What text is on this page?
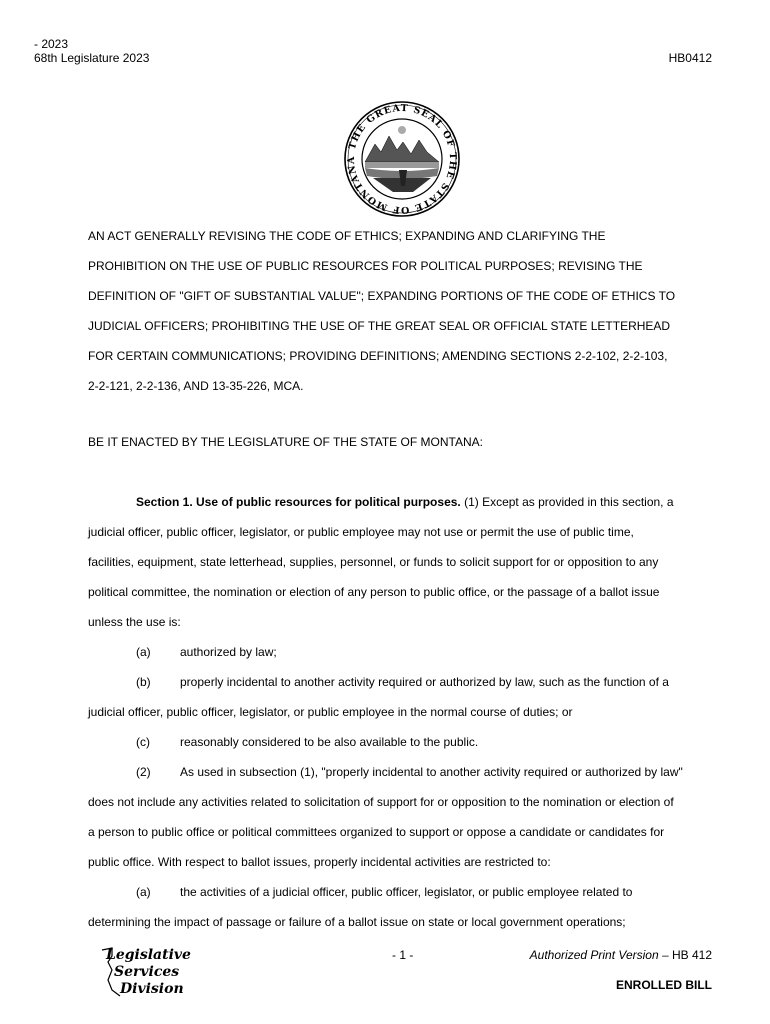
- 2023
68th Legislature 2023	HB0412
THE GREAT SEAL OF THE STATE OF MONTANA

AN ACT GENERALLY REVISING THE CODE OF ETHICS; EXPANDING AND CLARIFYING THE
PROHIBITION ON THE USE OF PUBLIC RESOURCES FOR POLITICAL PURPOSES; REVISING THE
DEFINITION OF "GIFT OF SUBSTANTIAL VALUE"; EXPANDING PORTIONS OF THE CODE OF ETHICS TO
JUDICIAL OFFICERS; PROHIBITING THE USE OF THE GREAT SEAL OR OFFICIAL STATE LETTERHEAD
FOR CERTAIN COMMUNICATIONS; PROVIDING DEFINITIONS; AMENDING SECTIONS 2-2-102, 2-2-103,
2-2-121, 2-2-136, AND 13-35-226, MCA.

BE IT ENACTED BY THE LEGISLATURE OF THE STATE OF MONTANA:

Section 1. Use of public resources for political purposes. (1) Except as provided in this section, a

judicial officer, public officer, legislator, or public employee may not use or permit the use of public time,

facilities, equipment, state letterhead, supplies, personnel, or funds to solicit support for or opposition to any

political committee, the nomination or election of any person to public office, or the passage of a ballot issue

unless the use is:

(a)	authorized by law;
(b)	properly incidental to another activity required or authorized by law, such as the function of a

judicial officer, public officer, legislator, or public employee in the normal course of duties; or

(c)	reasonably considered to be also available to the public.

(2) As used in subsection (1), "properly incidental to another activity required or authorized by law"

does not include any activities related to solicitation of support for or opposition to the nomination or election of

a person to public office or political committees organized to support or oppose a candidate or candidates for

public office. With respect to ballot issues, properly incidental activities are restricted to:

(a)	the activities of a judicial officer, public officer, legislator, or public employee related to

determining the impact of passage or failure of a ballot issue on state or local government operations;

Legislative
Services
Division
- 1 -	Authorized Print Version – HB 412
ENROLLED BILL
